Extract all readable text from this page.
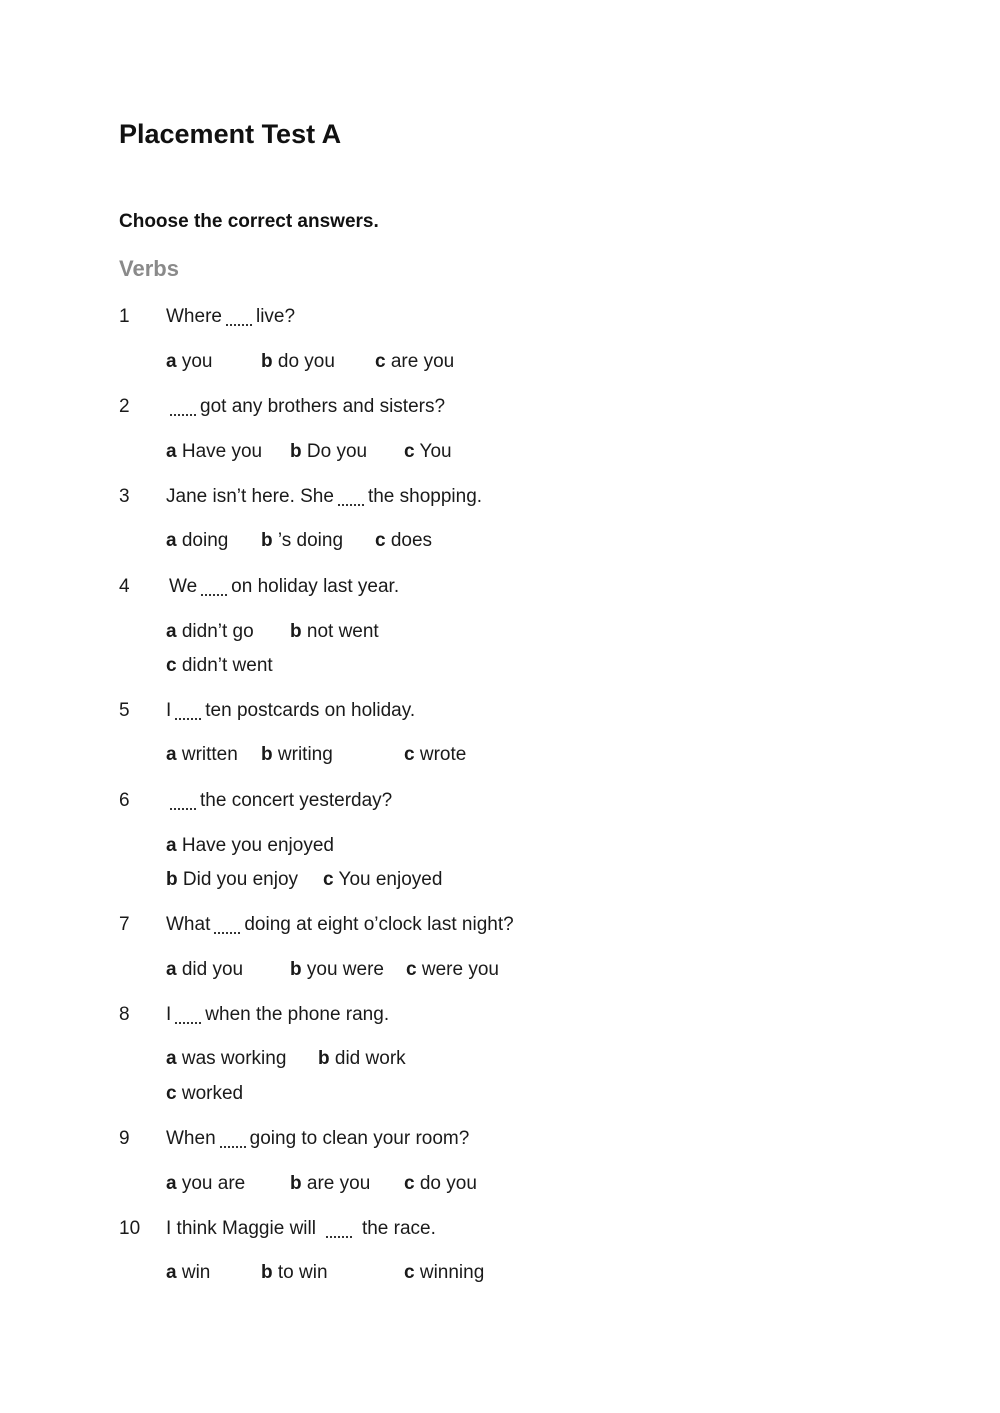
Placement Test A
Choose the correct answers.
Verbs
1 Where live?
a you	b do you c are you
2	got any brothers and sisters?
a Have you b Do you c You
3 Jane isn’t here. She the shopping.
a doing b ’s doing c does
4 We on holiday last year.
a didn’t go b not went
c didn’t went
5 I ten postcards on holiday.
a written b writing	c wrote
6	the concert yesterday?
a Have you enjoyed
b Did you enjoy c You enjoyed
7 What doing at eight o’clock last night?
a did you b you were c were you
8 I when the phone rang.
a was working b did work
c worked
9 When going to clean your room?
a you are b are you c do you
10 I think Maggie will the race.
a win	b to win	c winning
